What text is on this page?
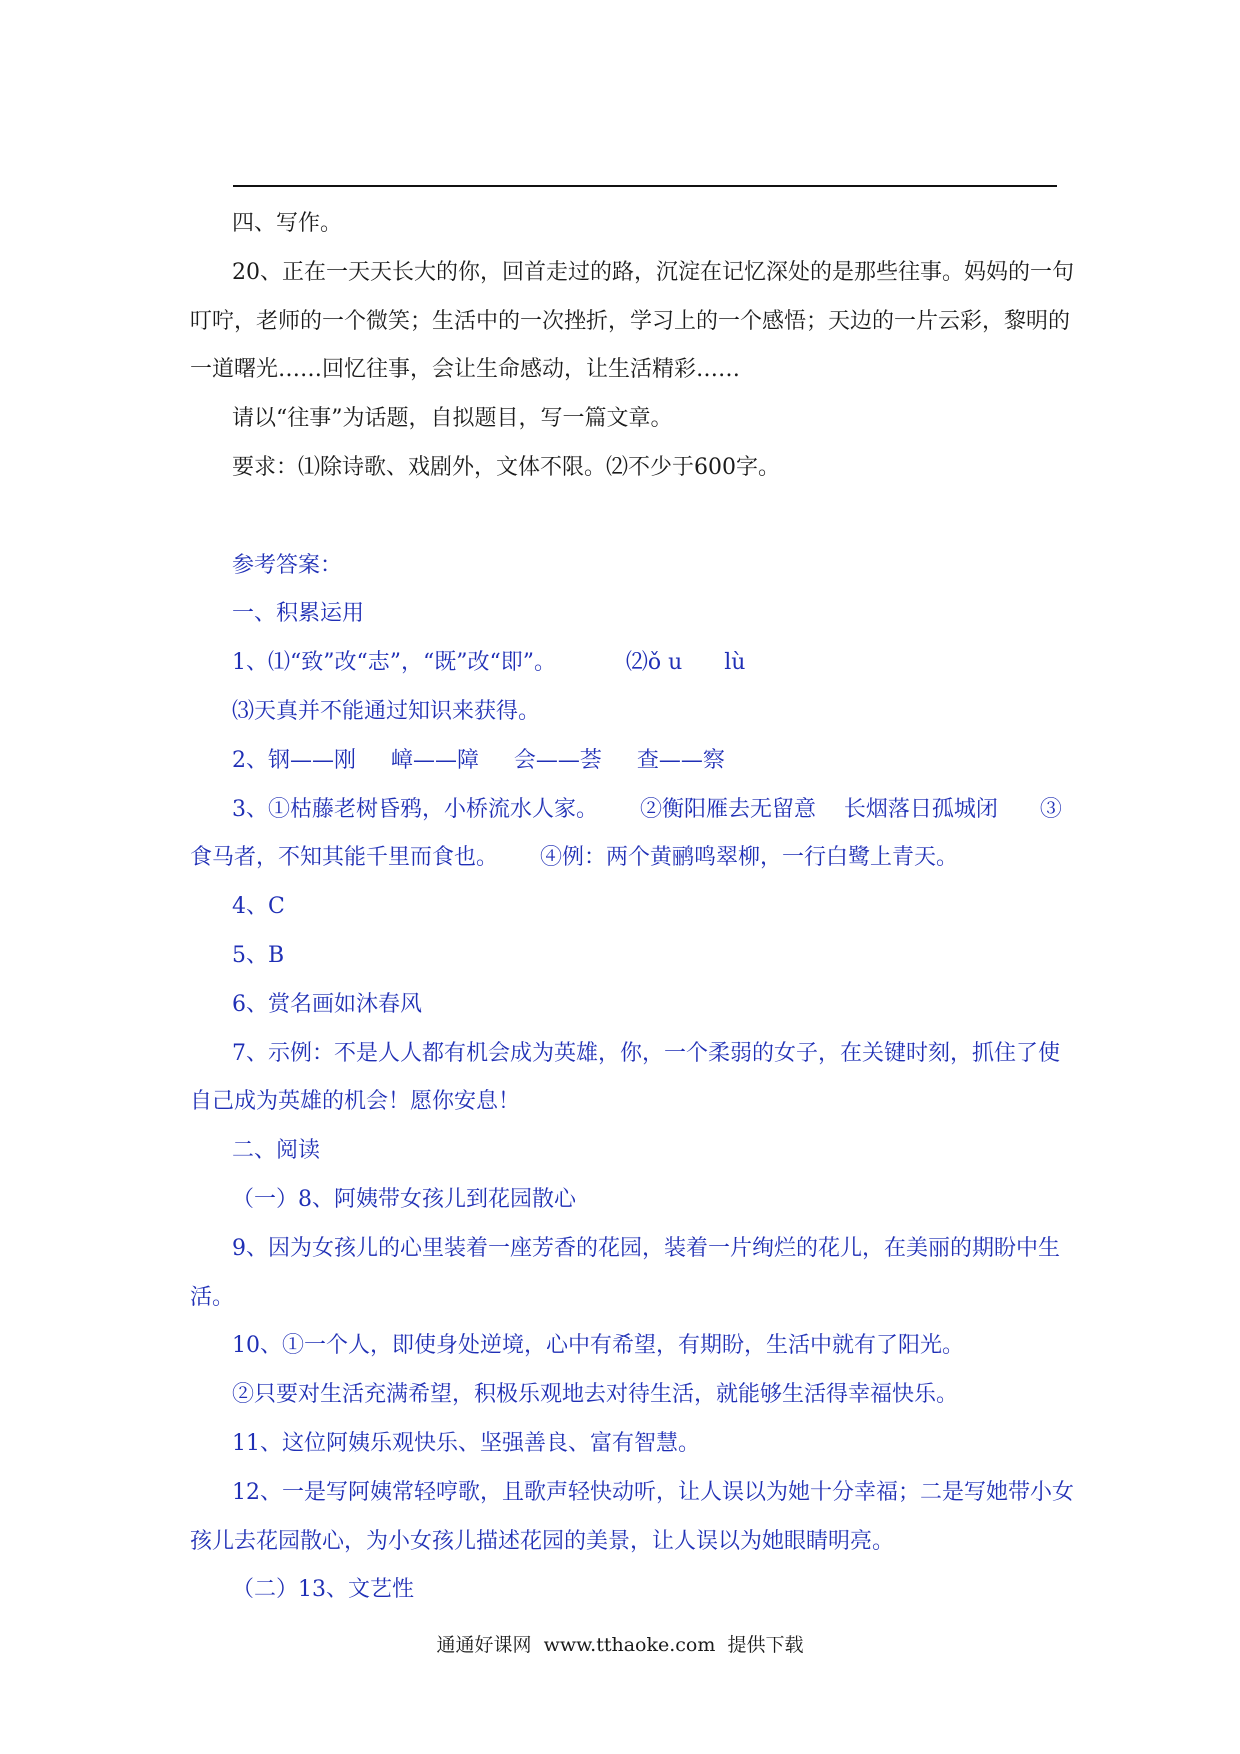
四、写作。

20、正在一天天长大的你，回首走过的路，沉淀在记忆深处的是那些往事。妈妈的一句

叮咛，老师的一个微笑；生活中的一次挫折，学习上的一个感悟；天边的一片云彩，黎明的

一道曙光……回忆往事，会让生命感动，让生活精彩……

请以“往事”为话题，自拟题目，写一篇文章。

要求：⑴除诗歌、戏剧外，文体不限。⑵不少于600字。

参考答案：

一、积累运用

1、⑴“致”改“志”，“既”改“即”。          ⑵ǒ u      lù

⑶天真并不能通过知识来获得。

2、钢——刚     嶂——障     会——荟     查——察

3、①枯藤老树昏鸦，小桥流水人家。      ②衡阳雁去无留意    长烟落日孤城闭      ③

食马者，不知其能千里而食也。      ④例：两个黄鹂鸣翠柳，一行白鹭上青天。

4、C

5、B

6、赏名画如沐春风

7、示例：不是人人都有机会成为英雄，你，一个柔弱的女子，在关键时刻，抓住了使

自己成为英雄的机会！愿你安息！

二、阅读

（一）8、阿姨带女孩儿到花园散心

9、因为女孩儿的心里装着一座芳香的花园，装着一片绚烂的花儿，在美丽的期盼中生

活。

10、①一个人，即使身处逆境，心中有希望，有期盼，生活中就有了阳光。

②只要对生活充满希望，积极乐观地去对待生活，就能够生活得幸福快乐。

11、这位阿姨乐观快乐、坚强善良、富有智慧。

12、一是写阿姨常轻哼歌，且歌声轻快动听，让人误以为她十分幸福；二是写她带小女

孩儿去花园散心，为小女孩儿描述花园的美景，让人误以为她眼睛明亮。

（二）13、文艺性

通通好课网  www.tthaoke.com  提供下载
